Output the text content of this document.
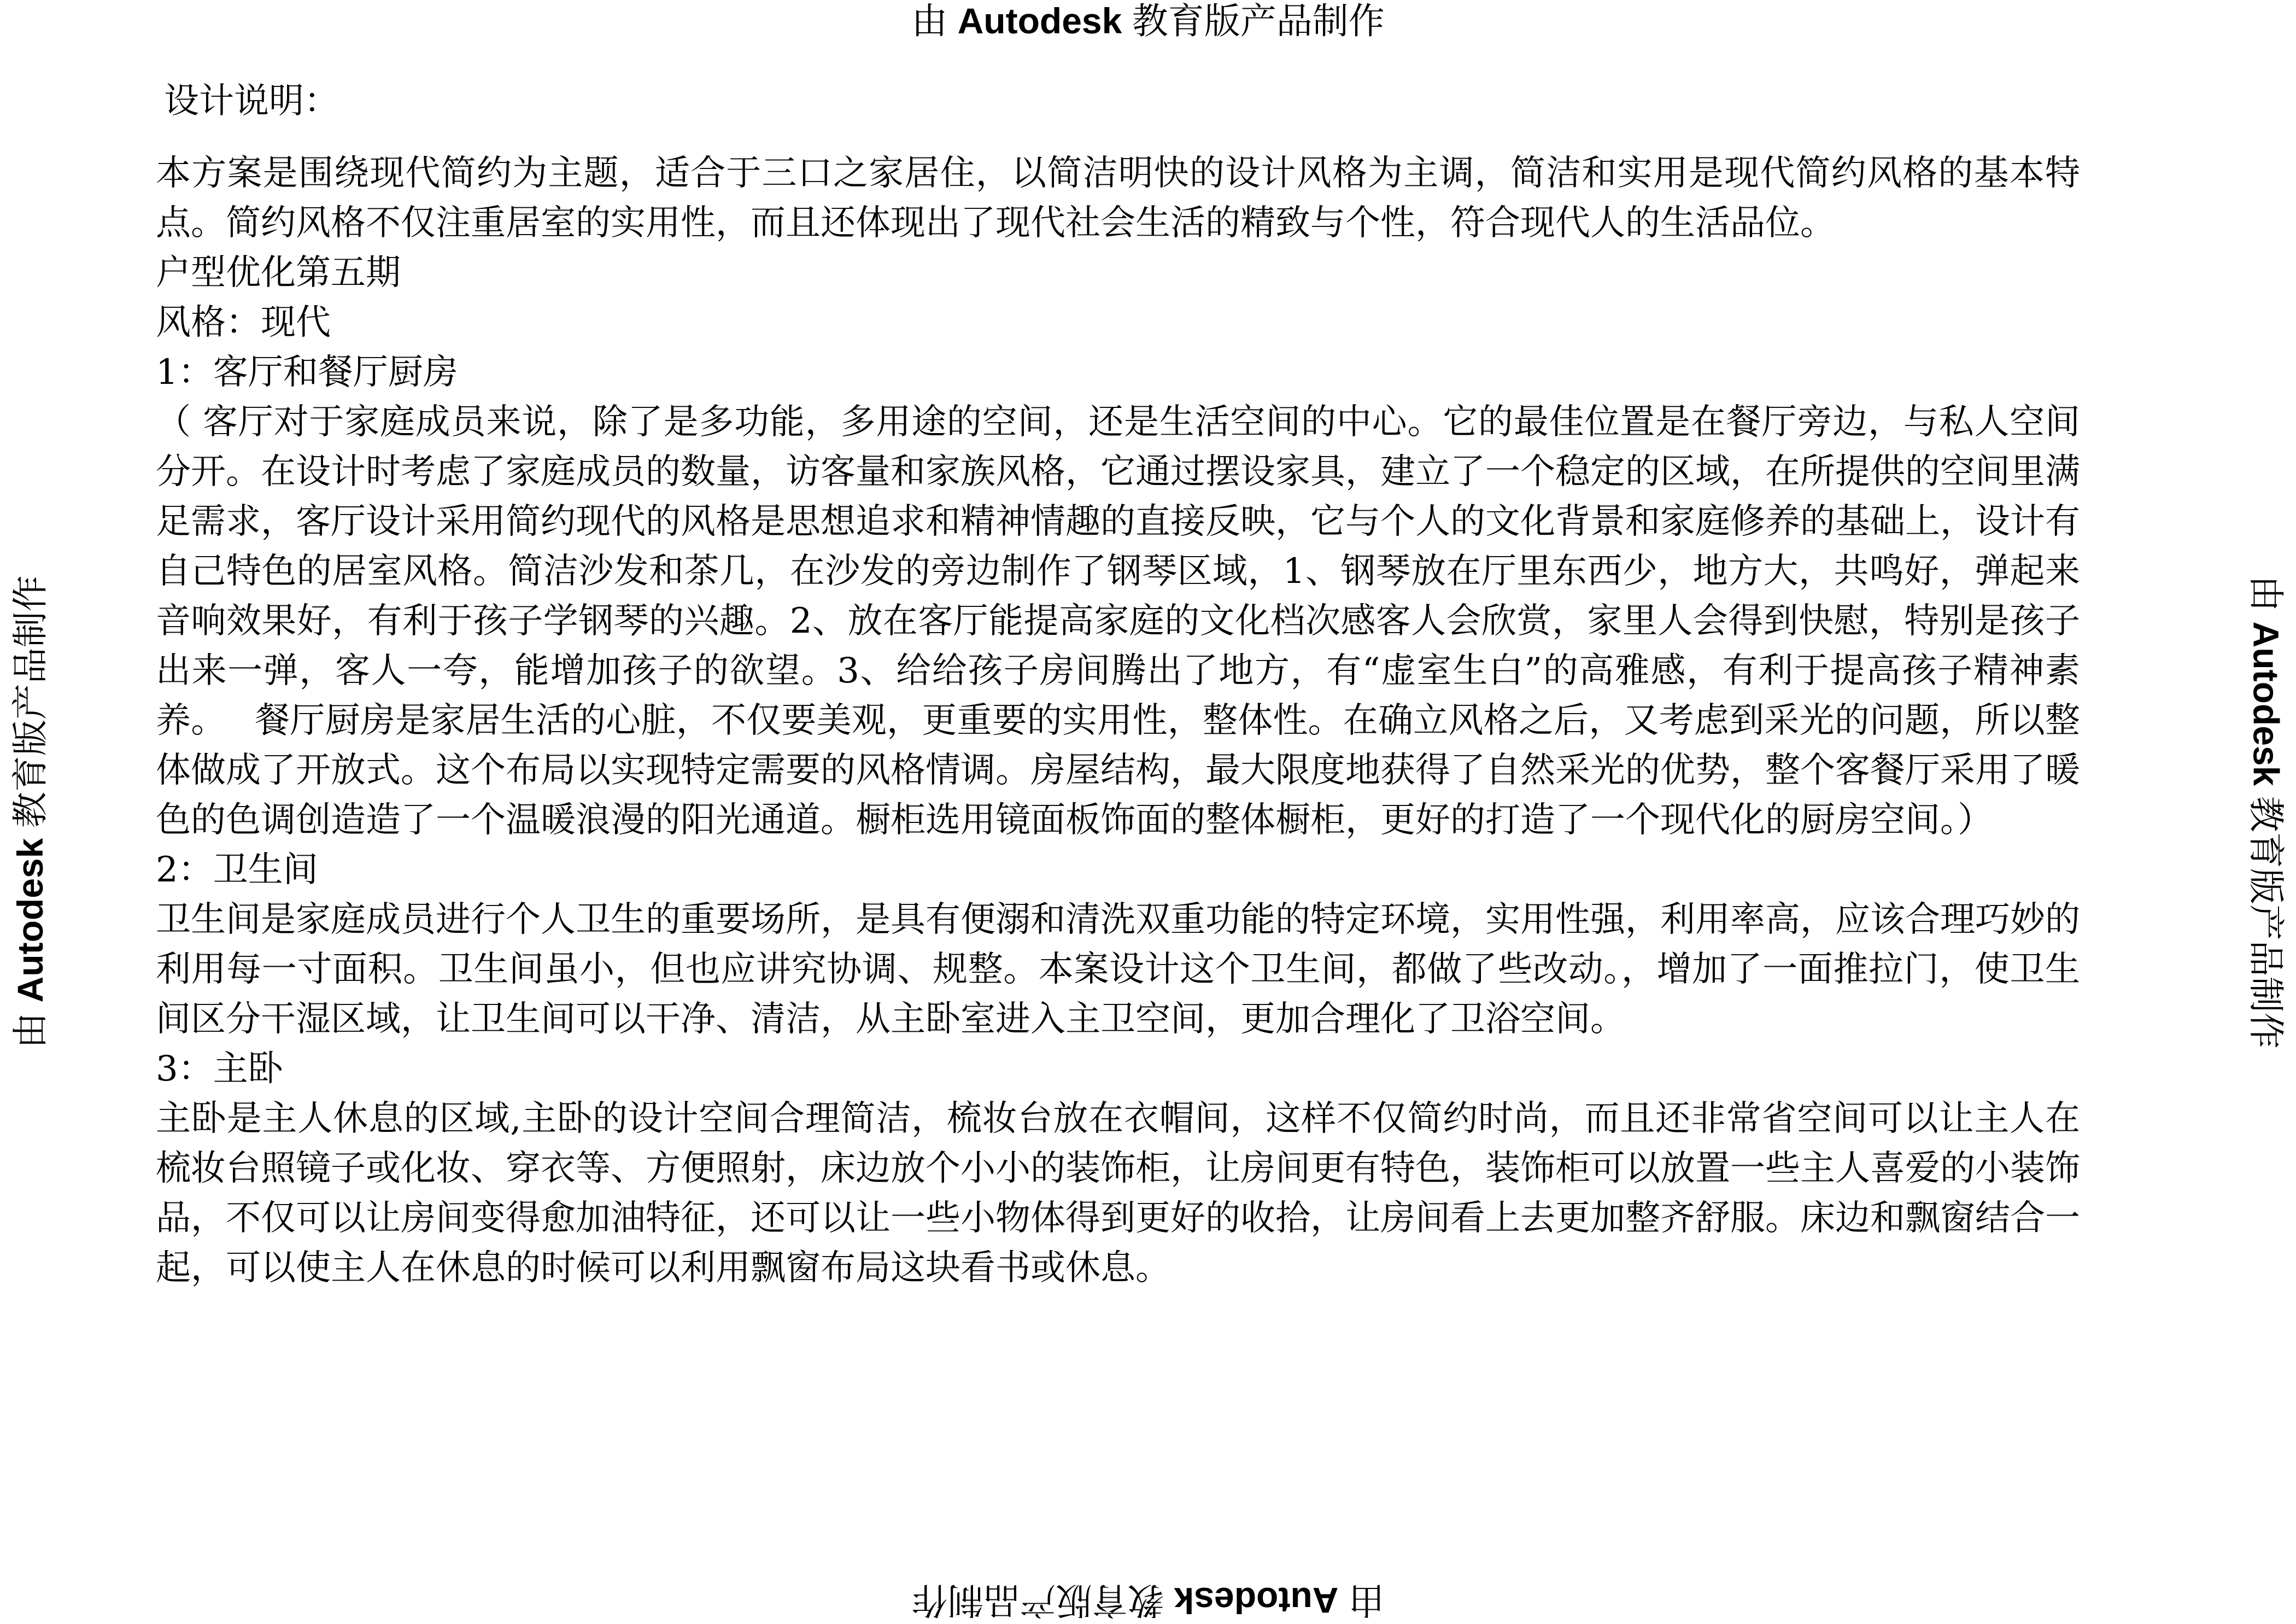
由 Autodesk 教育版产品制作
由 Autodesk 教育版产品制作
由 Autodesk 教育版产品制作	由 Autodesk 教育版产品制作
设计说明：

本方案是围绕现代简约为主题，适合于三口之家居住，以简洁明快的设计风格为主调，简洁和实用是现代简约风格的基本特点。简约风格不仅注重居室的实用性，而且还体现出了现代社会生活的精致与个性，符合现代人的生活品位。

户型优化第五期

风格：现代

1：客厅和餐厅厨房

（ 客厅对于家庭成员来说，除了是多功能，多用途的空间，还是生活空间的中心。它的最佳位置是在餐厅旁边，与私人空间分开。在设计时考虑了家庭成员的数量，访客量和家族风格，它通过摆设家具，建立了一个稳定的区域，在所提供的空间里满足需求，客厅设计采用简约现代的风格是思想追求和精神情趣的直接反映，它与个人的文化背景和家庭修养的基础上，设计有自己特色的居室风格。简洁沙发和茶几，在沙发的旁边制作了钢琴区域，1、钢琴放在厅里东西少，地方大，共鸣好，弹起来音响效果好，有利于孩子学钢琴的兴趣。2、放在客厅能提高家庭的文化档次感客人会欣赏，家里人会得到快慰，特别是孩子出来一弹，客人一夸，能增加孩子的欲望。3、给给孩子房间腾出了地方，有“虚室生白”的高雅感，有利于提高孩子精神素养。　 餐厅厨房是家居生活的心脏，不仅要美观，更重要的实用性，整体性。在确立风格之后，又考虑到采光的问题，所以整体做成了开放式。这个布局以实现特定需要的风格情调。房屋结构，最大限度地获得了自然采光的优势，整个客餐厅采用了暖色的色调创造造了一个温暖浪漫的阳光通道。橱柜选用镜面板饰面的整体橱柜，更好的打造了一个现代化的厨房空间。）

2：卫生间

卫生间是家庭成员进行个人卫生的重要场所，是具有便溺和清洗双重功能的特定环境，实用性强，利用率高，应该合理巧妙的利用每一寸面积。卫生间虽小，但也应讲究协调、规整。本案设计这个卫生间，都做了些改动。，增加了一面推拉门，使卫生间区分干湿区域，让卫生间可以干净、清洁，从主卧室进入主卫空间，更加合理化了卫浴空间。

3：主卧

主卧是主人休息的区域,主卧的设计空间合理简洁，梳妆台放在衣帽间，这样不仅简约时尚，而且还非常省空间可以让主人在梳妆台照镜子或化妆、穿衣等、方便照射，床边放个小小的装饰柜，让房间更有特色，装饰柜可以放置一些主人喜爱的小装饰品，不仅可以让房间变得愈加油特征，还可以让一些小物体得到更好的收拾，让房间看上去更加整齐舒服。床边和飘窗结合一起，可以使主人在休息的时候可以利用飘窗布局这块看书或休息。
